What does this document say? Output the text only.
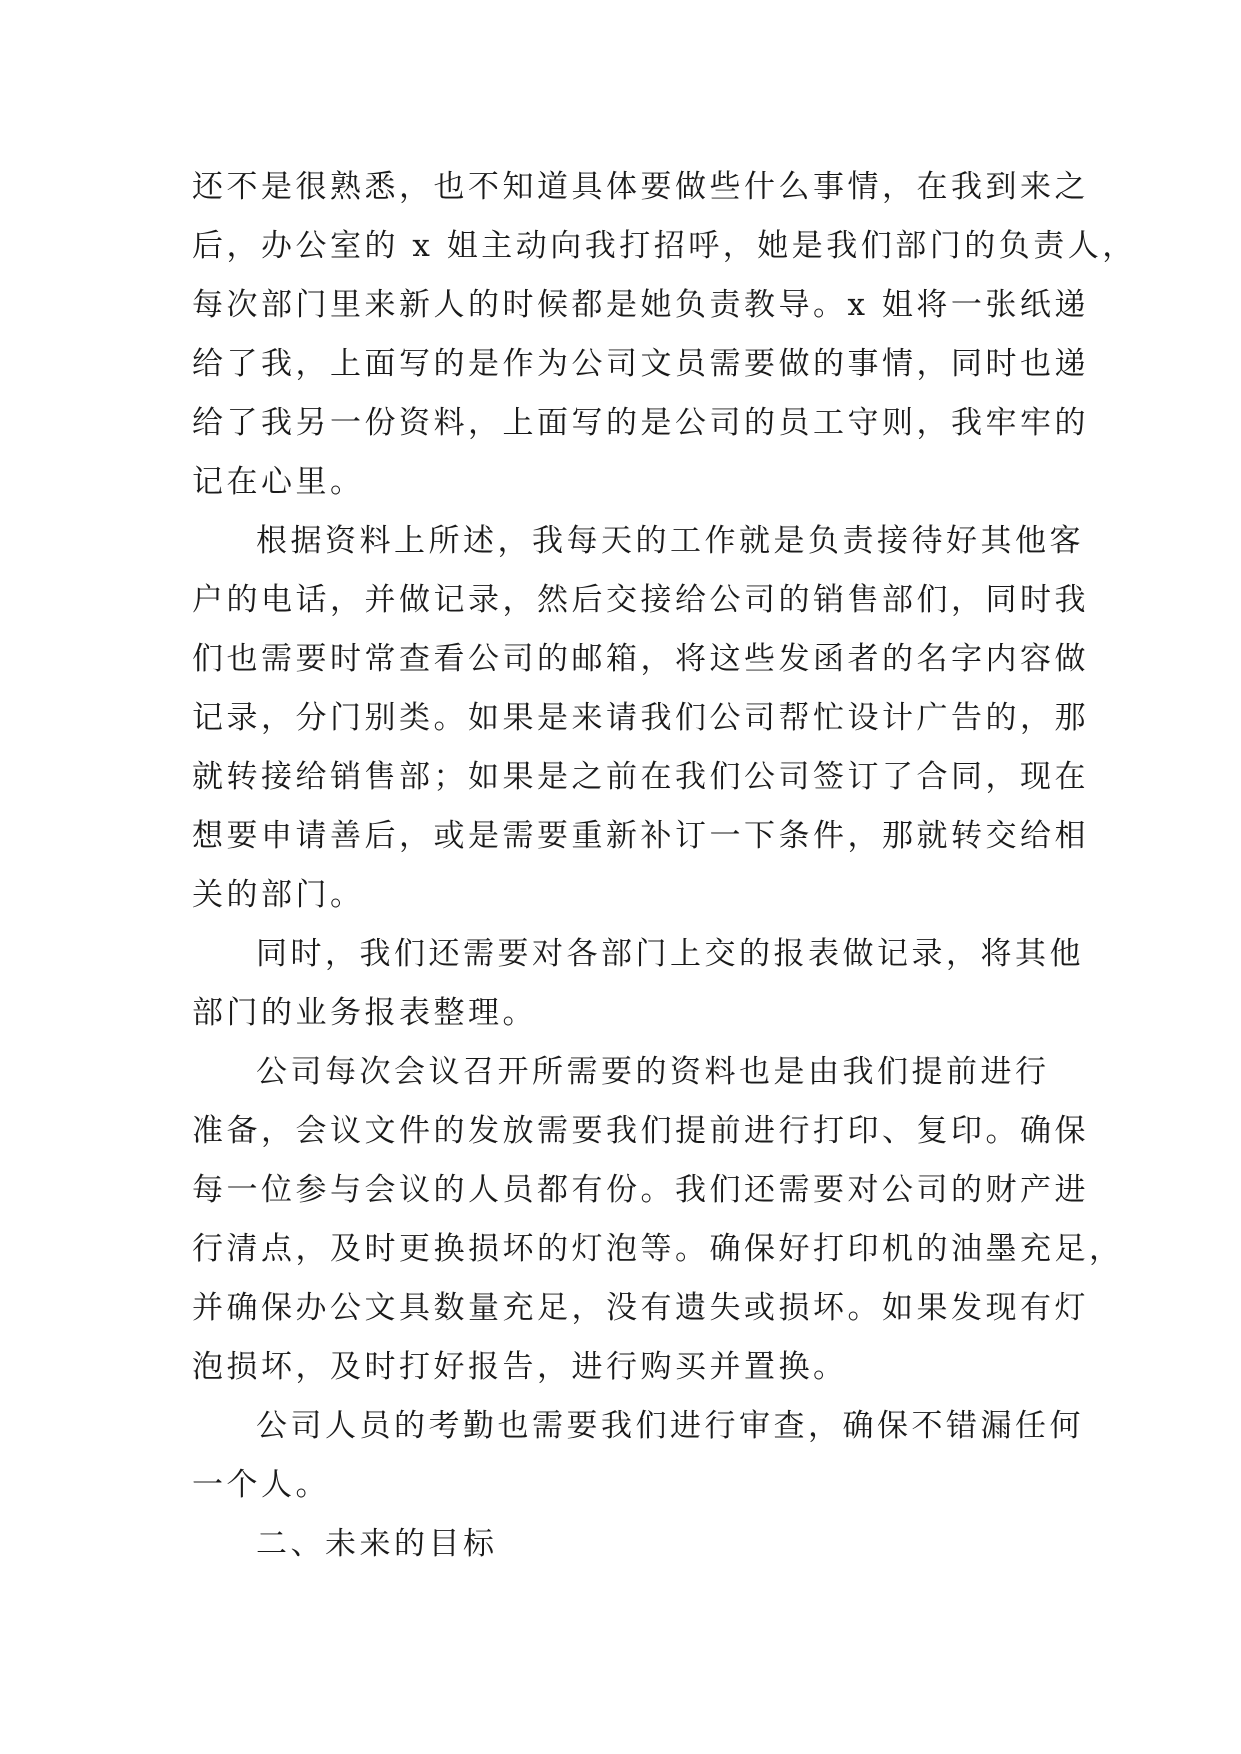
还不是很熟悉，也不知道具体要做些什么事情，在我到来之
后，办公室的 x 姐主动向我打招呼，她是我们部门的负责人，
每次部门里来新人的时候都是她负责教导。x 姐将一张纸递
给了我，上面写的是作为公司文员需要做的事情，同时也递
给了我另一份资料，上面写的是公司的员工守则，我牢牢的
记在心里。
根据资料上所述，我每天的工作就是负责接待好其他客
户的电话，并做记录，然后交接给公司的销售部们，同时我
们也需要时常查看公司的邮箱，将这些发函者的名字内容做
记录，分门别类。如果是来请我们公司帮忙设计广告的，那
就转接给销售部；如果是之前在我们公司签订了合同，现在
想要申请善后，或是需要重新补订一下条件，那就转交给相
关的部门。
同时，我们还需要对各部门上交的报表做记录，将其他
部门的业务报表整理。
公司每次会议召开所需要的资料也是由我们提前进行
准备，会议文件的发放需要我们提前进行打印、复印。确保
每一位参与会议的人员都有份。我们还需要对公司的财产进
行清点，及时更换损坏的灯泡等。确保好打印机的油墨充足，
并确保办公文具数量充足，没有遗失或损坏。如果发现有灯
泡损坏，及时打好报告，进行购买并置换。
公司人员的考勤也需要我们进行审查，确保不错漏任何
一个人。
二、未来的目标
